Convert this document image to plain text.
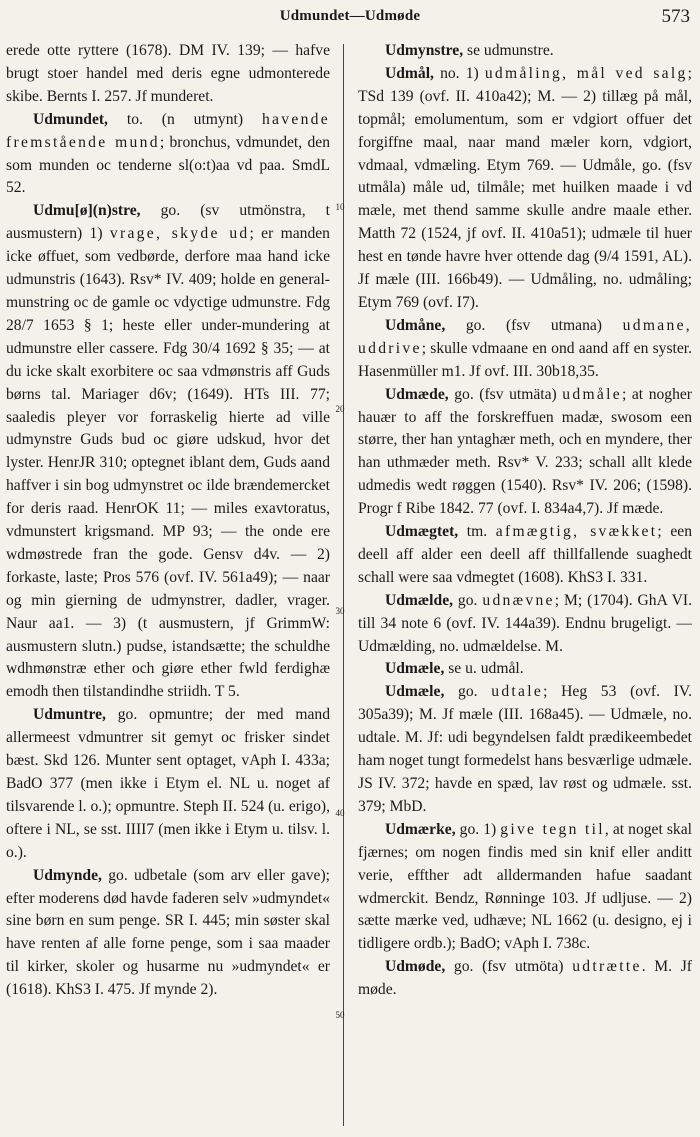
Udmundet—Udmøde	573

erede otte ryttere (1678). DM IV. 139; — hafve brugt stoer handel med deris egne udmonterede skibe. Bernts I. 257. Jf munderet.

Udmundet, to. (n utmynt) havende fremstående mund; bronchus, vdmundet, den som munden oc tenderne sl(o:t)aa vd paa. SmdL 52.

Udmu[ø](n)stre, go. (sv utmönstra, t ausmustern) 1) vrage, skyde ud; er manden icke øffuet, som vedbørde, derfore maa hand icke udmunstris (1643). Rsv* IV. 409; holde en general-munstring oc de gamle oc vdyctige udmunstre. Fdg 28/7 1653 § 1; heste eller under-mundering at udmunstre eller cassere. Fdg 30/4 1692 § 35; — at du icke skalt exorbitere oc saa vdmønstris aff Guds børns tal. Mariager d6v; (1649). HTs III. 77; saaledis pleyer vor forraskelig hierte ad ville udmynstre Guds bud oc giøre udskud, hvor det lyster. HenrJR 310; optegnet iblant dem, Guds aand haffver i sin bog udmynstret oc ilde brændemercket for deris raad. HenrOK 11; — miles exavtoratus, vdmunstert krigsmand. MP 93; — the onde ere wdmøstrede fran the gode. Gensv d4v. — 2) forkaste, laste; Pros 576 (ovf. IV. 561a49); — naar og min gierning de udmynstrer, dadler, vrager. Naur aa1. — 3) (t ausmustern, jf GrimmW: ausmustern slutn.) pudse, istandsætte; the schuldhe wdhmønstræ ether och giøre ether fwld ferdighæ emodh then tilstandindhe striidh. T 5.

Udmuntre, go. opmuntre; der med mand allermeest vdmuntrer sit gemyt oc frisker sindet bæst. Skd 126. Munter sent optaget, vAph I. 433a; BadO 377 (men ikke i Etym el. NL u. noget af tilsvarende l. o.); opmuntre. Steph II. 524 (u. erigo), oftere i NL, se sst. IIII7 (men ikke i Etym u. tilsv. l. o.).

Udmynde, go. udbetale (som arv eller gave); efter moderens død havde faderen selv »udmyndet« sine børn en sum penge. SR I. 445; min søster skal have renten af alle forne penge, som i saa maader til kirker, skoler og husarme nu »udmyndet« er (1618). KhS3 I. 475. Jf mynde 2).

10
20
30
40
50

Udmynstre, se udmunstre.

Udmål, no. 1) udmåling, mål ved salg; TSd 139 (ovf. II. 410a42); M. — 2) tillæg på mål, topmål; emolumentum, som er vdgiort offuer det forgiffne maal, naar mand mæler korn, vdgiort, vdmaal, vdmæling. Etym 769. — Udmåle, go. (fsv utmåla) måle ud, tilmåle; met huilken maade i vd mæle, met thend samme skulle andre maale ether. Matth 72 (1524, jf ovf. II. 410a51); udmæle til huer hest en tønde havre hver ottende dag (9/4 1591, AL). Jf mæle (III. 166b49). — Udmåling, no. udmåling; Etym 769 (ovf. I7).

Udmåne, go. (fsv utmana) udmane, uddrive; skulle vdmaane en ond aand aff en syster. Hasenmüller m1. Jf ovf. III. 30b18,35.

Udmæde, go. (fsv utmäta) udmåle; at nogher hauær to aff the forskreffuen madæ, swosom een større, ther han yntaghær meth, och en myndere, ther han uthmæder meth. Rsv* V. 233; schall allt klede udmedis wedt røggen (1540). Rsv* IV. 206; (1598). Progr f Ribe 1842. 77 (ovf. I. 834a4,7). Jf mæde.

Udmægtet, tm. afmægtig, svækket; een deell aff alder een deell aff thillfallende suaghedt schall were saa vdmegtet (1608). KhS3 I. 331.

Udmælde, go. udnævne; M; (1704). GhA VI. till 34 note 6 (ovf. IV. 144a39). Endnu brugeligt. — Udmælding, no. udmældelse. M.

Udmæle, se u. udmål.

Udmæle, go. udtale; Heg 53 (ovf. IV. 305a39); M. Jf mæle (III. 168a45). — Udmæle, no. udtale. M. Jf: udi begyndelsen faldt prædikeembedet ham noget tungt formedelst hans besværlige udmæle. JS IV. 372; havde en spæd, lav røst og udmæle. sst. 379; MbD.

Udmærke, go. 1) give tegn til, at noget skal fjærnes; om nogen findis med sin knif eller anditt verie, effther adt alldermanden hafue saadant wdmerckit. Bendz, Rønninge 103. Jf udljuse. — 2) sætte mærke ved, udhæve; NL 1662 (u. designo, ej i tidligere ordb.); BadO; vAph I. 738c.

Udmøde, go. (fsv utmöta) udtrætte. M. Jf møde.
